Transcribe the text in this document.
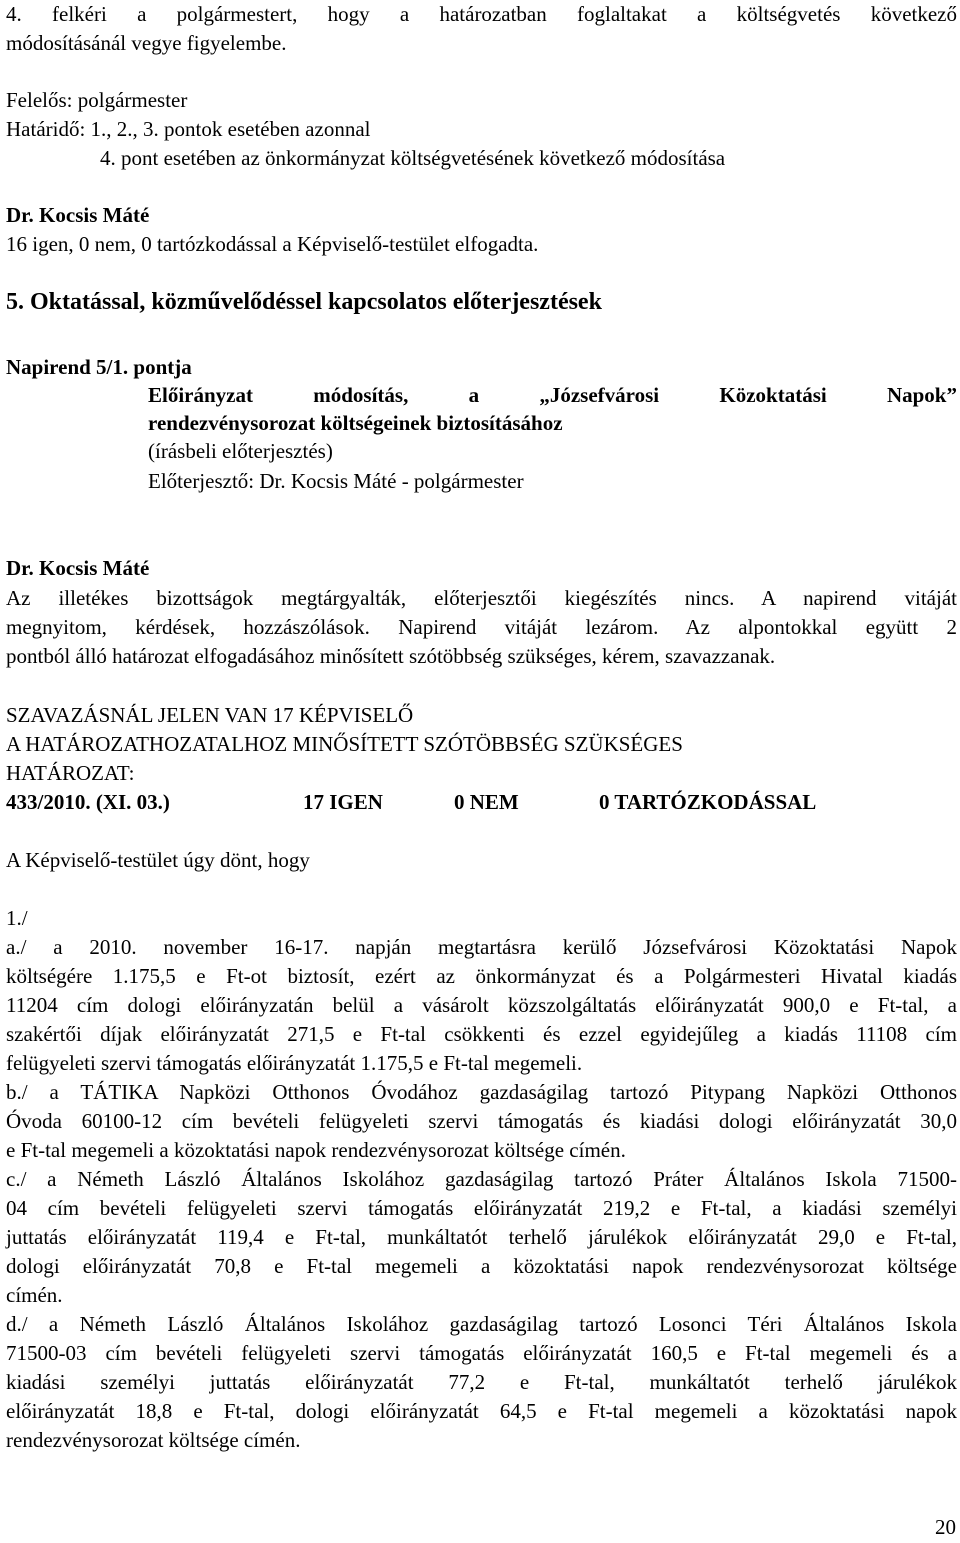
4. felkéri a polgármestert, hogy a határozatban foglaltakat a költségvetés következő
módosításánál vegye figyelembe.
Felelős: polgármester
Határidő: 1., 2., 3. pontok esetében azonnal
4. pont esetében az önkormányzat költségvetésének következő módosítása
Dr. Kocsis Máté
16 igen, 0 nem, 0 tartózkodással a Képviselő-testület elfogadta.
5. Oktatással, közművelődéssel kapcsolatos előterjesztések
Napirend 5/1. pontja
Előirányzat módosítás, a „Józsefvárosi Közoktatási Napok”
rendezvénysorozat költségeinek biztosításához
(írásbeli előterjesztés)
Előterjesztő: Dr. Kocsis Máté - polgármester
Dr. Kocsis Máté
Az illetékes bizottságok megtárgyalták, előterjesztői kiegészítés nincs. A napirend vitáját
megnyitom, kérdések, hozzászólások. Napirend vitáját lezárom. Az alpontokkal együtt 2
pontból álló határozat elfogadásához minősített szótöbbség szükséges, kérem, szavazzanak.
SZAVAZÁSNÁL JELEN VAN 17 KÉPVISELŐ
A HATÁROZATHOZATALHOZ MINŐSÍTETT SZÓTÖBBSÉG SZÜKSÉGES
HATÁROZAT:
433/2010. (XI. 03.)	17 IGEN	0 NEM	0 TARTÓZKODÁSSAL
A Képviselő-testület úgy dönt, hogy
1./
a./ a 2010. november 16-17. napján megtartásra kerülő Józsefvárosi Közoktatási Napok
költségére 1.175,5 e Ft-ot biztosít, ezért az önkormányzat és a Polgármesteri Hivatal kiadás
11204 cím dologi előirányzatán belül a vásárolt közszolgáltatás előirányzatát 900,0 e Ft-tal, a
szakértői díjak előirányzatát 271,5 e Ft-tal csökkenti és ezzel egyidejűleg a kiadás 11108 cím
felügyeleti szervi támogatás előirányzatát 1.175,5 e Ft-tal megemeli.
b./ a TÁTIKA Napközi Otthonos Óvodához gazdaságilag tartozó Pitypang Napközi Otthonos
Óvoda 60100-12 cím bevételi felügyeleti szervi támogatás és kiadási dologi előirányzatát 30,0
e Ft-tal megemeli a közoktatási napok rendezvénysorozat költsége címén.
c./ a Németh László Általános Iskolához gazdaságilag tartozó Práter Általános Iskola 71500-
04 cím bevételi felügyeleti szervi támogatás előirányzatát 219,2 e Ft-tal, a kiadási személyi
juttatás előirányzatát 119,4 e Ft-tal, munkáltatót terhelő járulékok előirányzatát 29,0 e Ft-tal,
dologi előirányzatát 70,8 e Ft-tal megemeli a közoktatási napok rendezvénysorozat költsége
címén.
d./ a Németh László Általános Iskolához gazdaságilag tartozó Losonci Téri Általános Iskola
71500-03 cím bevételi felügyeleti szervi támogatás előirányzatát 160,5 e Ft-tal megemeli és a
kiadási személyi juttatás előirányzatát 77,2 e Ft-tal, munkáltatót terhelő járulékok
előirányzatát 18,8 e Ft-tal, dologi előirányzatát 64,5 e Ft-tal megemeli a közoktatási napok
rendezvénysorozat költsége címén.
20
